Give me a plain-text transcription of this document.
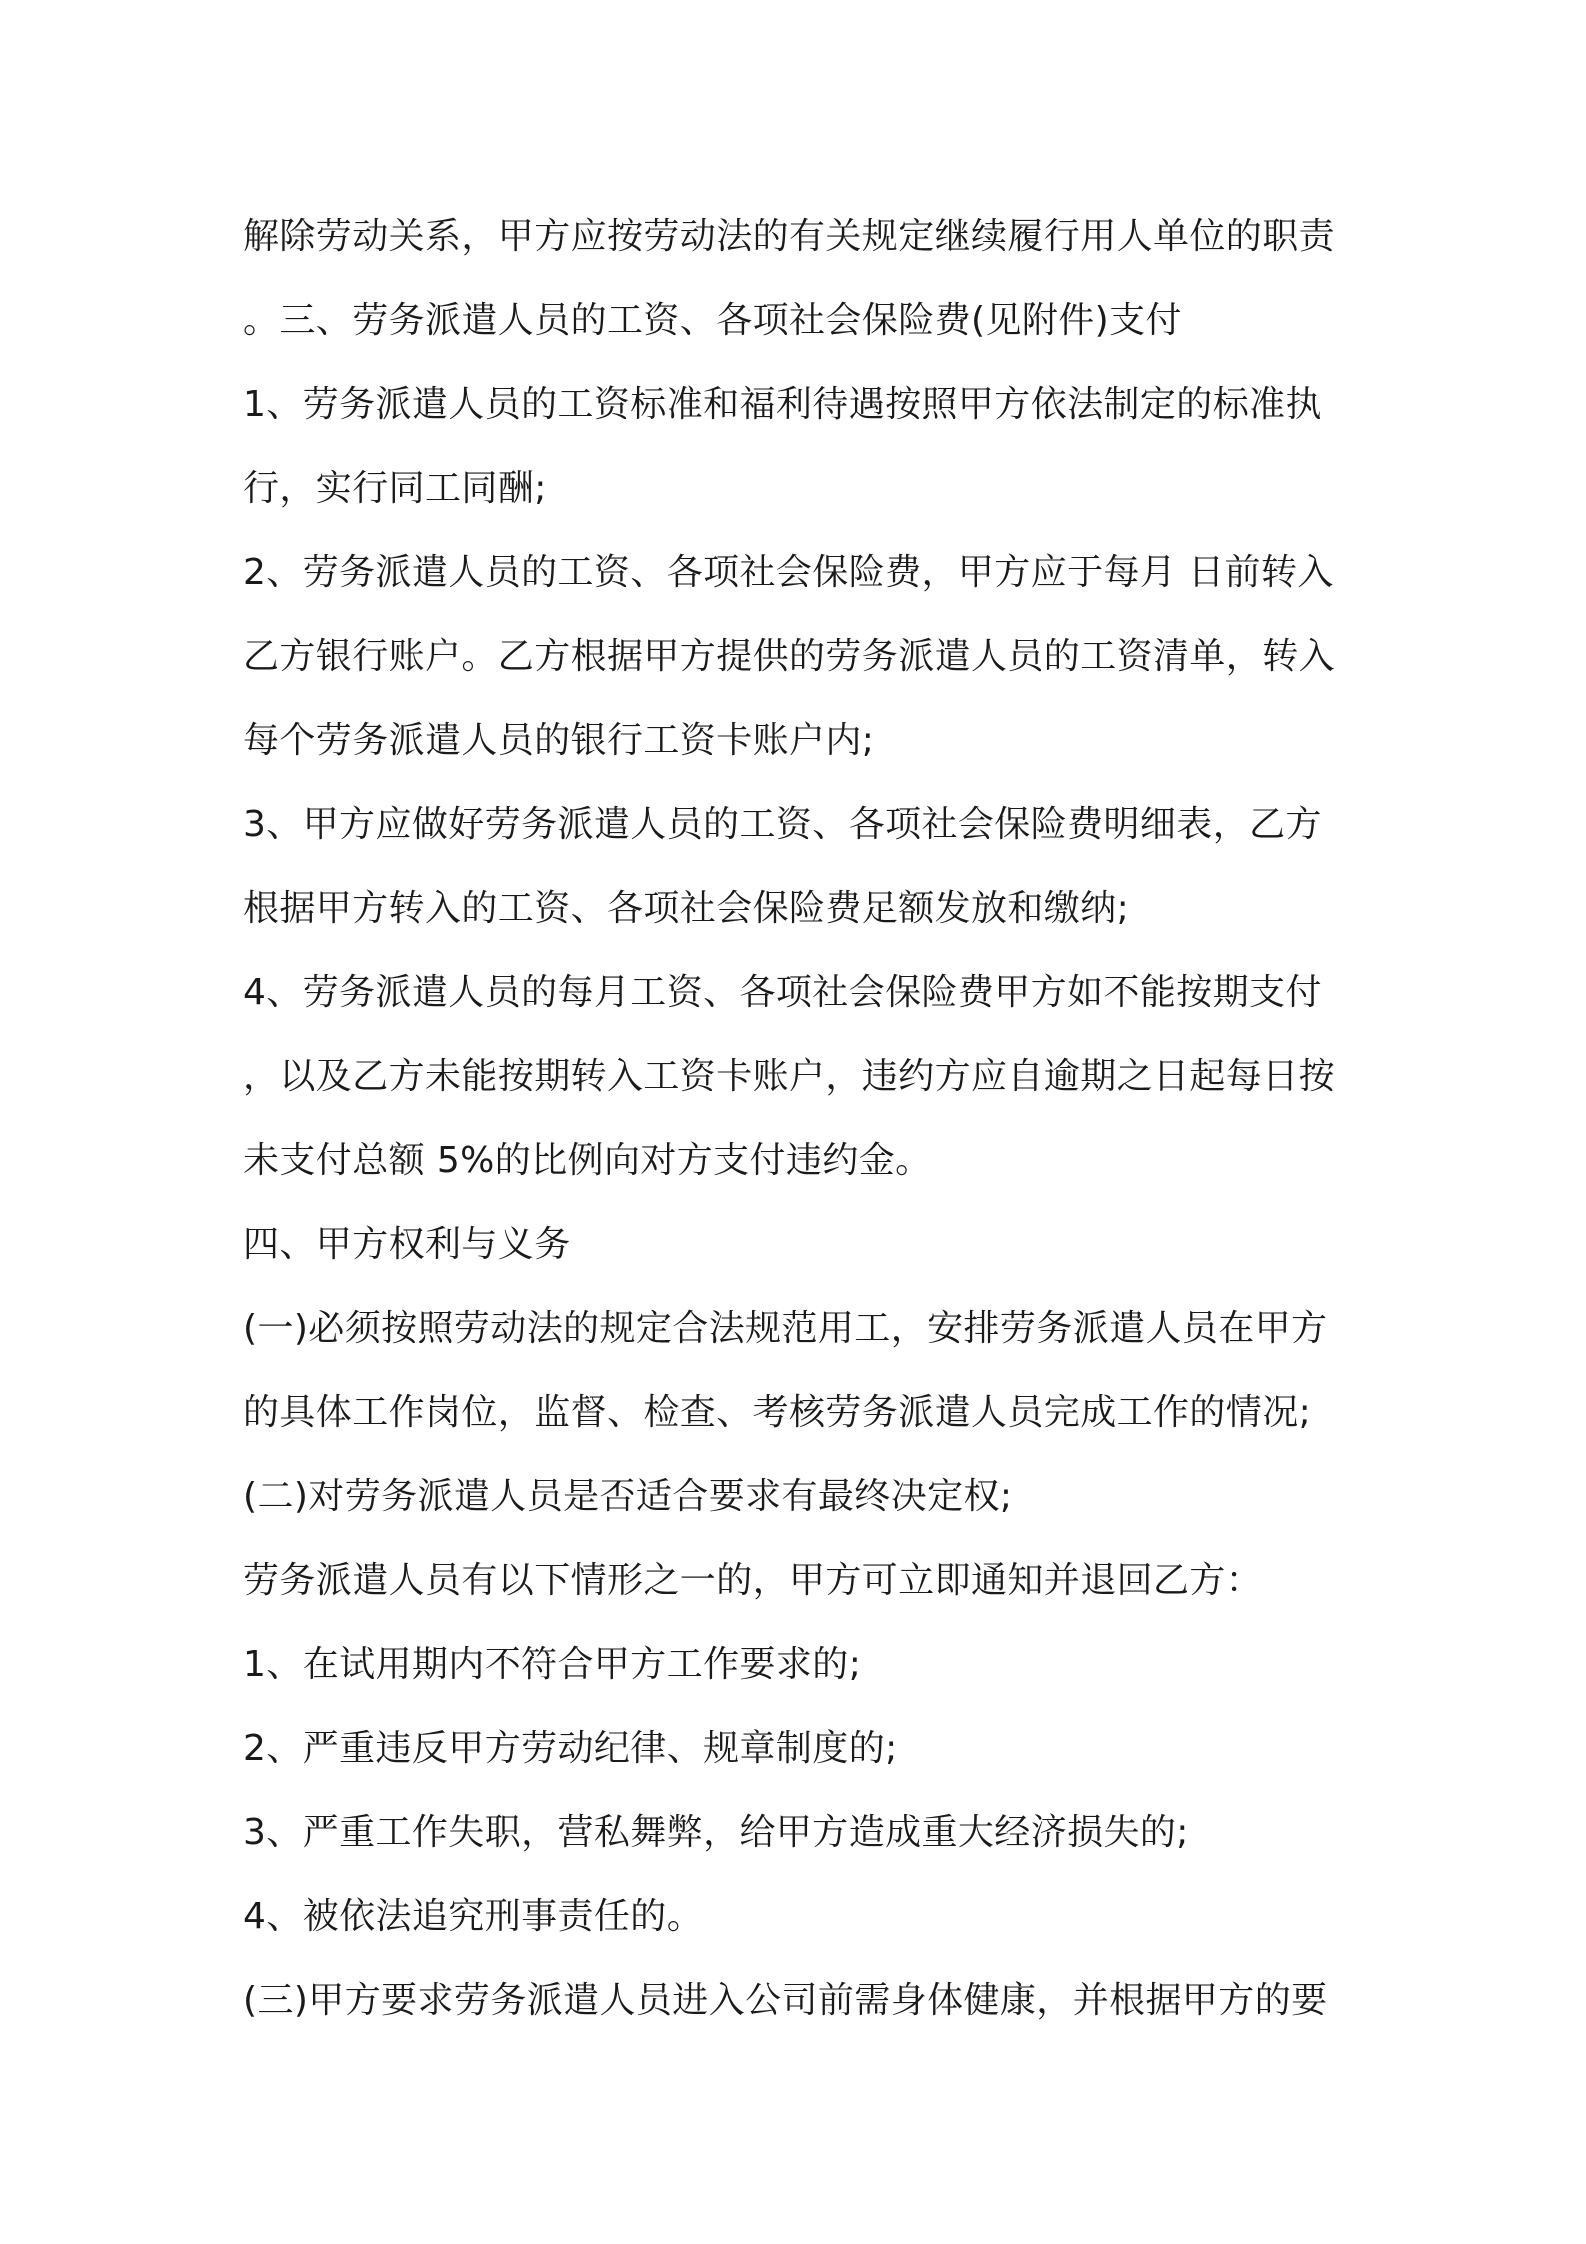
解除劳动关系，甲方应按劳动法的有关规定继续履行用人单位的职责
。三、劳务派遣人员的工资、各项社会保险费(见附件)支付
1、劳务派遣人员的工资标准和福利待遇按照甲方依法制定的标准执
行，实行同工同酬;
2、劳务派遣人员的工资、各项社会保险费，甲方应于每月 日前转入
乙方银行账户。乙方根据甲方提供的劳务派遣人员的工资清单，转入
每个劳务派遣人员的银行工资卡账户内;
3、甲方应做好劳务派遣人员的工资、各项社会保险费明细表，乙方
根据甲方转入的工资、各项社会保险费足额发放和缴纳;
4、劳务派遣人员的每月工资、各项社会保险费甲方如不能按期支付
，以及乙方未能按期转入工资卡账户，违约方应自逾期之日起每日按
未支付总额 5%的比例向对方支付违约金。
四、甲方权利与义务
(一)必须按照劳动法的规定合法规范用工，安排劳务派遣人员在甲方
的具体工作岗位，监督、检查、考核劳务派遣人员完成工作的情况;
(二)对劳务派遣人员是否适合要求有最终决定权;
劳务派遣人员有以下情形之一的，甲方可立即通知并退回乙方：
1、在试用期内不符合甲方工作要求的;
2、严重违反甲方劳动纪律、规章制度的;
3、严重工作失职，营私舞弊，给甲方造成重大经济损失的;
4、被依法追究刑事责任的。
(三)甲方要求劳务派遣人员进入公司前需身体健康，并根据甲方的要
